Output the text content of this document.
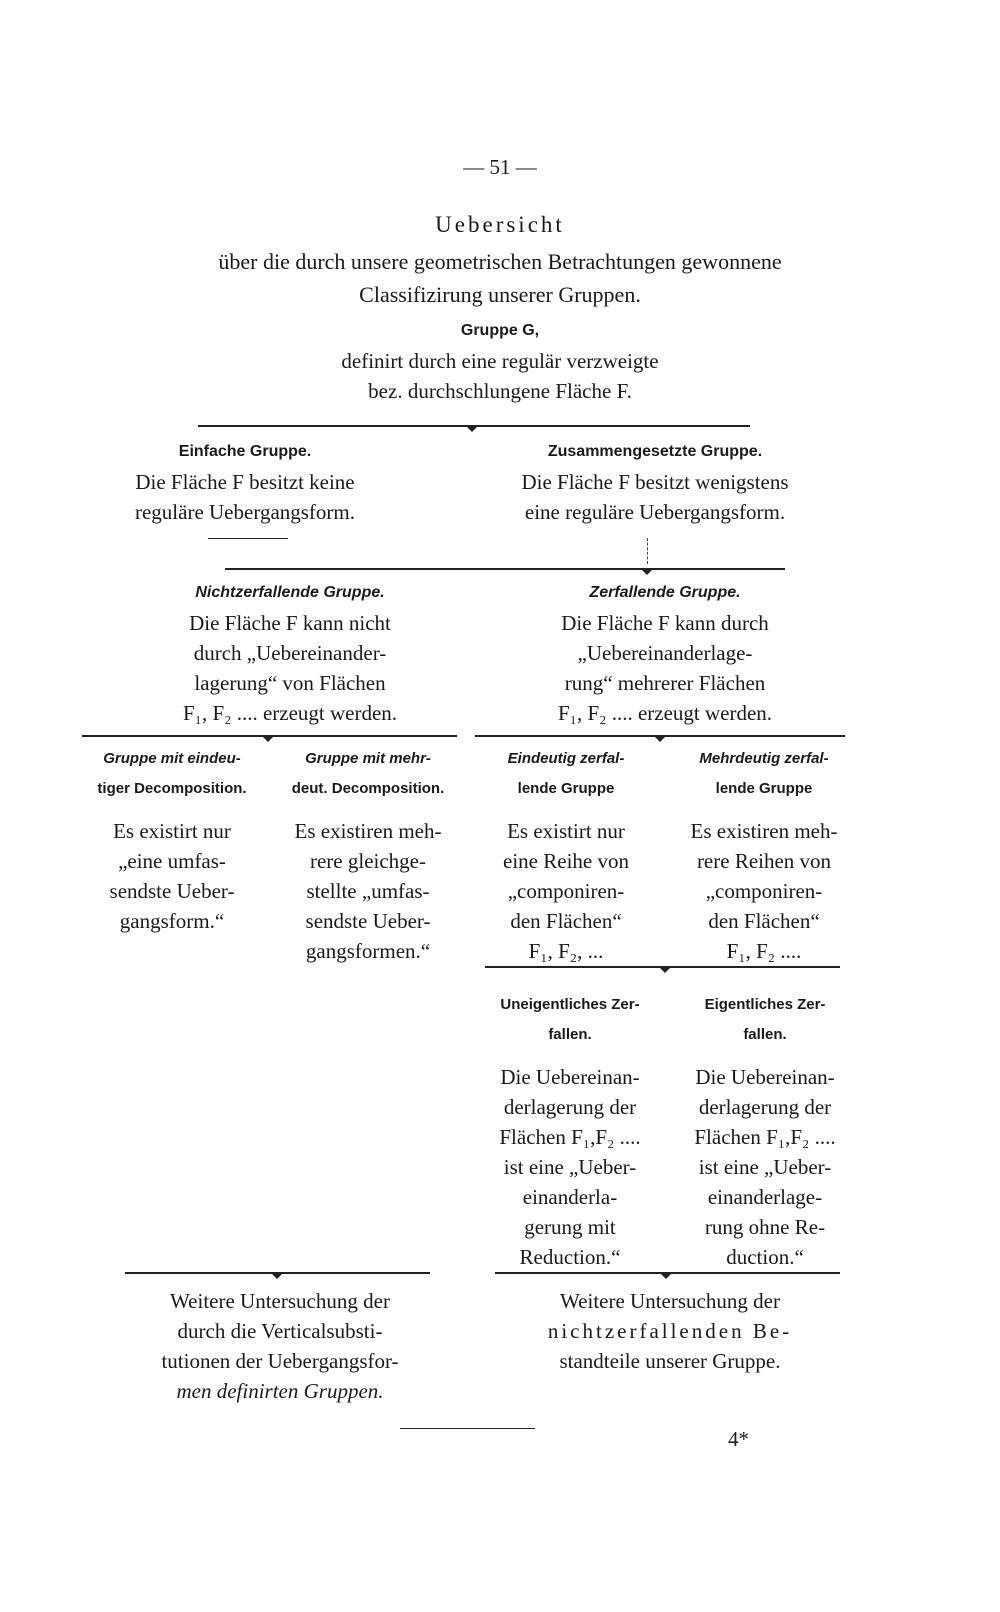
— 51 —
Uebersicht
über die durch unsere geometrischen Betrachtungen gewonnene
Classifizirung unserer Gruppen.
Gruppe G,
definirt durch eine regulär verzweigte
bez. durchschlungene Fläche F.
Einfache Gruppe.
Die Fläche F besitzt keine
reguläre Uebergangsform.
Zusammengesetzte Gruppe.
Die Fläche F besitzt wenigstens
eine reguläre Uebergangsform.
Nichtzerfallende Gruppe.
Die Fläche F kann nicht
durch „Uebereinander-
lagerung“ von Flächen
F₁, F₂ .... erzeugt werden.
Zerfallende Gruppe.
Die Fläche F kann durch
„Uebereinanderlage-
rung“ mehrerer Flächen
F₁, F₂ .... erzeugt werden.
Gruppe mit eindeu-
tiger Decomposition.
Es existirt nur
„eine umfas-
sendste Ueber-
gangsform.“
Gruppe mit mehr-
deut. Decomposition.
Es existiren meh-
rere gleichge-
stellte „umfas-
sendste Ueber-
gangsformen.“
Eindeutig zerfal-
lende Gruppe
Es existirt nur
eine Reihe von
„componiren-
den Flächen“
F₁, F₂, ...
Mehrdeutig zerfal-
lende Gruppe
Es existiren meh-
rere Reihen von
„componiren-
den Flächen“
F₁, F₂ ....
Uneigentliches Zer-
fallen.
Die Uebereinan-
derlagerung der
Flächen F₁,F₂ ....
ist eine „Ueber-
einanderla-
gerung mit
Reduction.“
Eigentliches Zer-
fallen.
Die Uebereinan-
derlagerung der
Flächen F₁,F₂ ....
ist eine „Ueber-
einanderlage-
rung ohne Re-
duction.“
Weitere Untersuchung der
durch die Verticalsubsti-
tutionen der Uebergangsfor-
men definirten Gruppen.
Weitere Untersuchung der
nichtzerfallenden Be-
standteile unserer Gruppe.
4*
